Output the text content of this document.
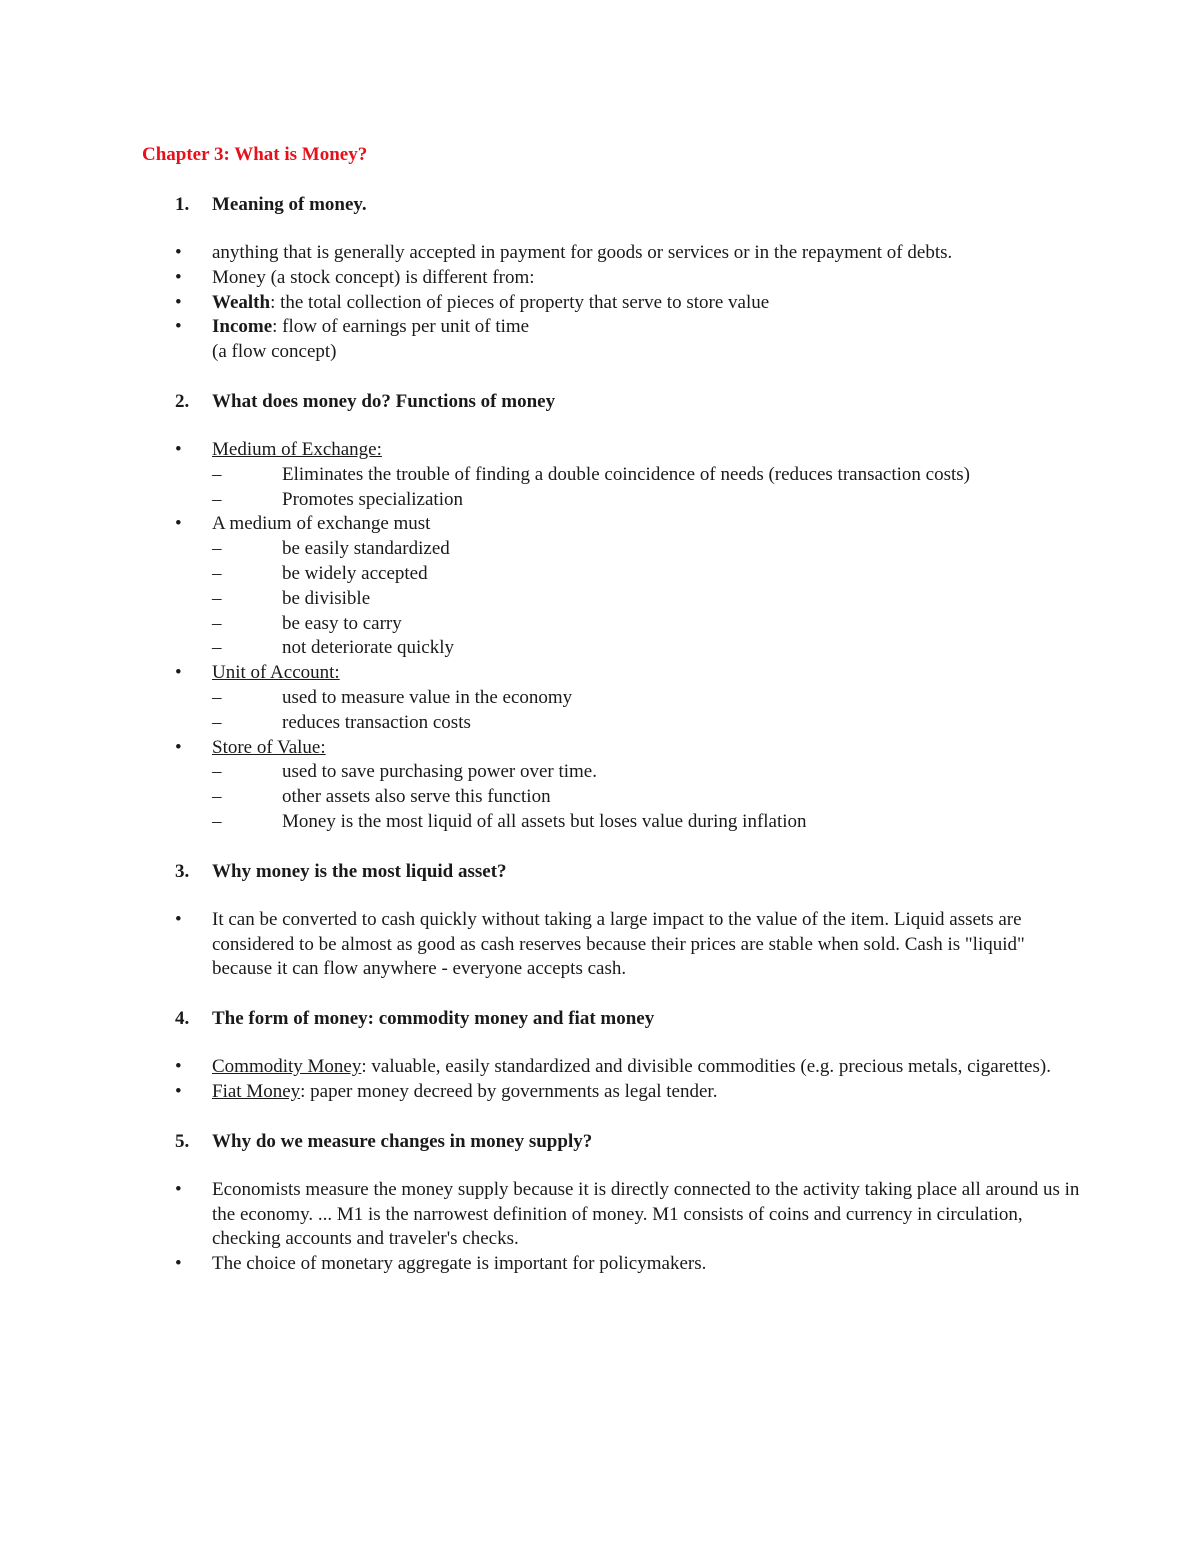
Chapter 3: What is Money?
1.	Meaning of money.
•	anything that is generally accepted in payment for goods or services or in the repayment of debts.
•	Money (a stock concept) is different from:
•	Wealth: the total collection of pieces of property that serve to store value
•	Income: flow of earnings per unit of time
(a flow concept)
2.	What does money do? Functions of money
•	Medium of Exchange:
–	Eliminates the trouble of finding a double coincidence of needs (reduces transaction costs)
–	Promotes specialization
•	A medium of exchange must
–	be easily standardized
–	be widely accepted
–	be divisible
–	be easy to carry
–	not deteriorate quickly
•	Unit of Account:
–	used to measure value in the economy
–	reduces transaction costs
•	Store of Value:
–	used to save purchasing power over time.
–	other assets also serve this function
–	Money is the most liquid of all assets but loses value during inflation
3.	Why money is the most liquid asset?
•	It can be converted to cash quickly without taking a large impact to the value of the item. Liquid assets are considered to be almost as good as cash reserves because their prices are stable when sold. Cash is "liquid" because it can flow anywhere - everyone accepts cash.
4.	The form of money: commodity money and fiat money
•	Commodity Money: valuable, easily standardized and divisible commodities (e.g. precious metals, cigarettes).
•	Fiat Money: paper money decreed by governments as legal tender.
5.	Why do we measure changes in money supply?
•	Economists measure the money supply because it is directly connected to the activity taking place all around us in the economy. ... M1 is the narrowest definition of money. M1 consists of coins and currency in circulation, checking accounts and traveler's checks.
•	The choice of monetary aggregate is important for policymakers.
